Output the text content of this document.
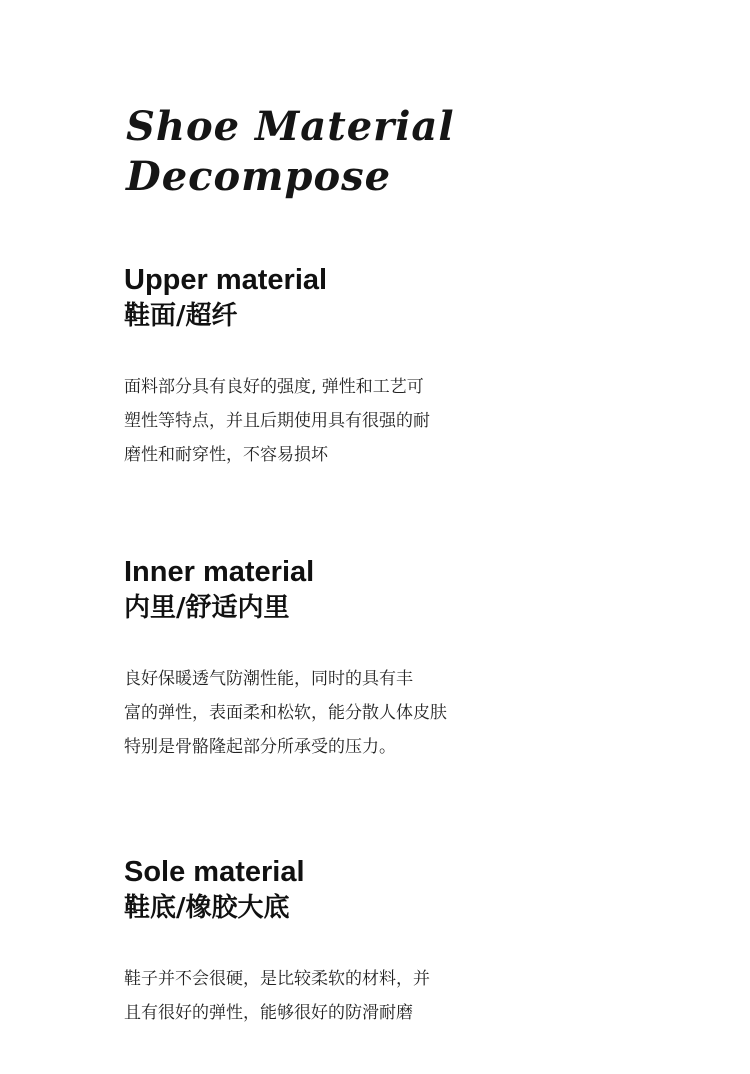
Shoe Material
Decompose
Upper material
鞋面/超纤
面料部分具有良好的强度, 弹性和工艺可
塑性等特点，并且后期使用具有很强的耐
磨性和耐穿性，不容易损坏
Inner material
内里/舒适内里
良好保暖透气防潮性能，同时的具有丰
富的弹性，表面柔和松软，能分散人体皮肤
特别是骨骼隆起部分所承受的压力。
Sole material
鞋底/橡胶大底
鞋子并不会很硬，是比较柔软的材料，并
且有很好的弹性，能够很好的防滑耐磨
